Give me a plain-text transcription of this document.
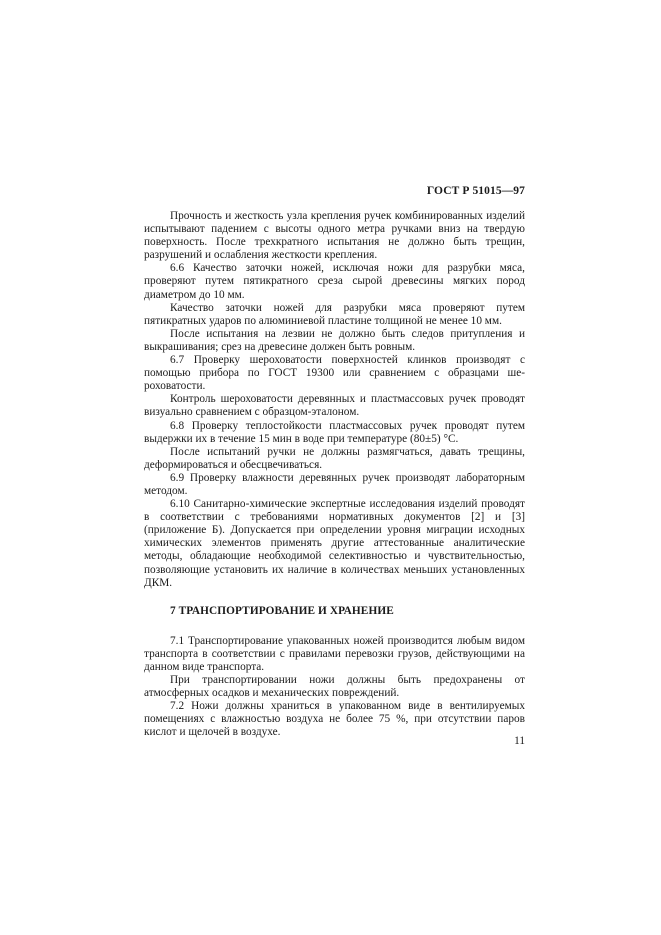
ГОСТ Р 51015—97

Прочность и жесткость узла крепления ручек комбинированных изделий испытывают падением с высоты одного метра ручками вниз на твердую поверхность. После трехкратного испытания не должно быть трещин, разрушений и ослабления жесткости крепления.

6.6 Качество заточки ножей, исключая ножи для разрубки мяса, проверяют путем пятикратного среза сырой древесины мягких пород диаметром до 10 мм.

Качество заточки ножей для разрубки мяса проверяют путем пятикратных ударов по алюминиевой пластине толщиной не менее 10 мм.

После испытания на лезвии не должно быть следов притупления и выкрашивания; срез на древесине должен быть ровным.

6.7 Проверку шероховатости поверхностей клинков производят с помощью прибора по ГОСТ 19300 или сравнением с образцами шероховатости.

Контроль шероховатости деревянных и пластмассовых ручек проводят визуально сравнением с образцом-эталоном.

6.8 Проверку теплостойкости пластмассовых ручек проводят путем выдержки их в течение 15 мин в воде при температуре (80±5) °С.

После испытаний ручки не должны размягчаться, давать трещины, деформироваться и обесцвечиваться.

6.9 Проверку влажности деревянных ручек производят лабораторным методом.

6.10 Санитарно-химические экспертные исследования изделий проводят в соответствии с требованиями нормативных документов [2] и [3] (приложение Б). Допускается при определении уровня миграции исходных химических элементов применять другие аттестованные аналитические методы, обладающие необходимой селективностью и чувствительностью, позволяющие установить их наличие в количествах меньших установленных ДКМ.

7 ТРАНСПОРТИРОВАНИЕ И ХРАНЕНИЕ

7.1 Транспортирование упакованных ножей производится любым видом транспорта в соответствии с правилами перевозки грузов, действующими на данном виде транспорта.

При транспортировании ножи должны быть предохранены от атмосферных осадков и механических повреждений.

7.2 Ножи должны храниться в упакованном виде в вентилируемых помещениях с влажностью воздуха не более 75 %, при отсутствии паров кислот и щелочей в воздухе.

11
